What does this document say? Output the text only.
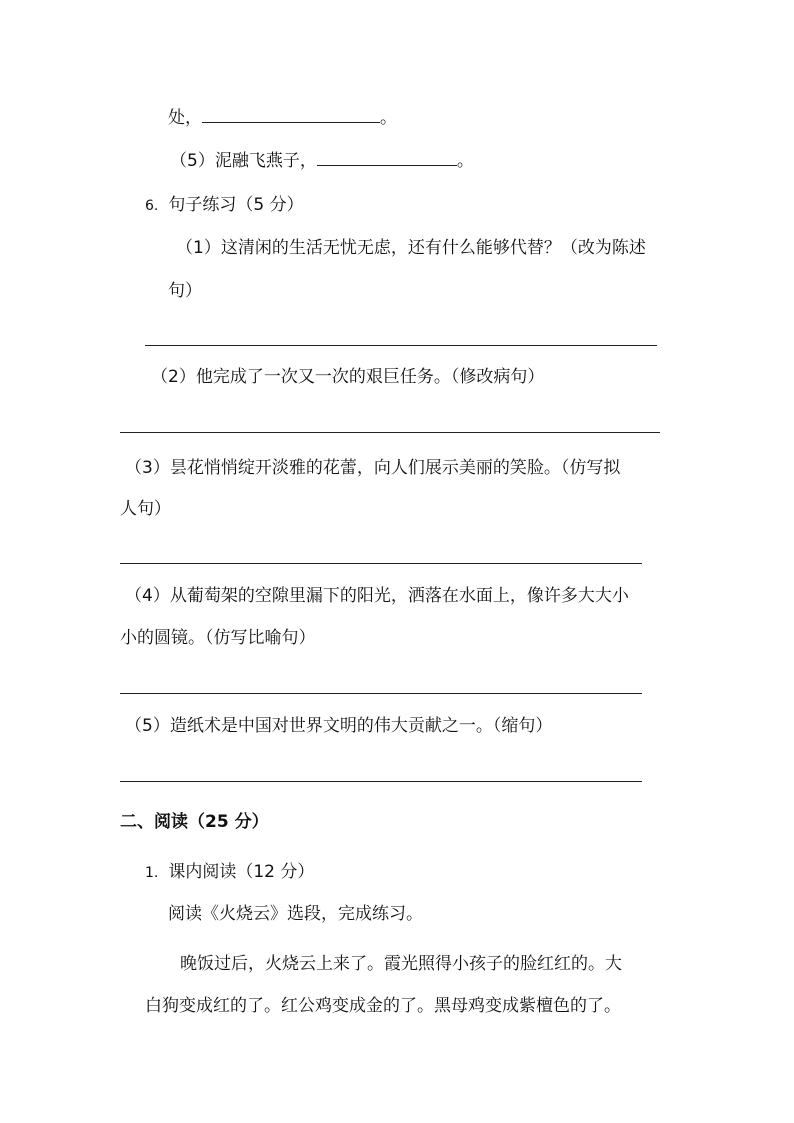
处，	。
（5）泥融飞燕子，	。
6. 句子练习（5 分）
（1）这清闲的生活无忧无虑，还有什么能够代替？（改为陈述
句）
（2）他完成了一次又一次的艰巨任务。（修改病句）
（3）昙花悄悄绽开淡雅的花蕾，向人们展示美丽的笑脸。（仿写拟
人句）
（4）从葡萄架的空隙里漏下的阳光，洒落在水面上，像许多大大小
小的圆镜。（仿写比喻句）
（5）造纸术是中国对世界文明的伟大贡献之一。（缩句）
二、阅读（25 分）
1. 课内阅读（12 分）
阅读《火烧云》选段，完成练习。
晚饭过后，火烧云上来了。霞光照得小孩子的脸红红的。大
白狗变成红的了。红公鸡变成金的了。黑母鸡变成紫檀色的了。
